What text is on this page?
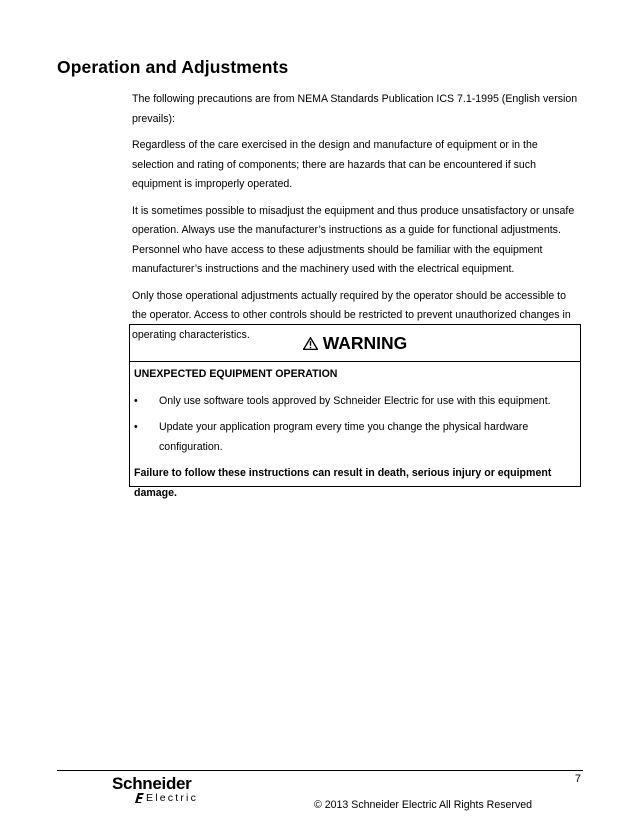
Operation and Adjustments

The following precautions are from NEMA Standards Publication ICS 7.1-1995 (English version prevails):

Regardless of the care exercised in the design and manufacture of equipment or in the selection and rating of components; there are hazards that can be encountered if such equipment is improperly operated.

It is sometimes possible to misadjust the equipment and thus produce unsatisfactory or unsafe operation. Always use the manufacturer’s instructions as a guide for functional adjustments. Personnel who have access to these adjustments should be familiar with the equipment manufacturer’s instructions and the machinery used with the electrical equipment.

Only those operational adjustments actually required by the operator should be accessible to the operator. Access to other controls should be restricted to prevent unauthorized changes in operating characteristics.	WARNING
UNEXPECTED EQUIPMENT OPERATION
•	Only use software tools approved by Schneider Electric for use with this equipment.
•	Update your application program every time you change the physical hardware configuration.
Failure to follow these instructions can result in death, serious injury or equipment damage.
7
Schneider
Electric
© 2013 Schneider Electric All Rights Reserved
